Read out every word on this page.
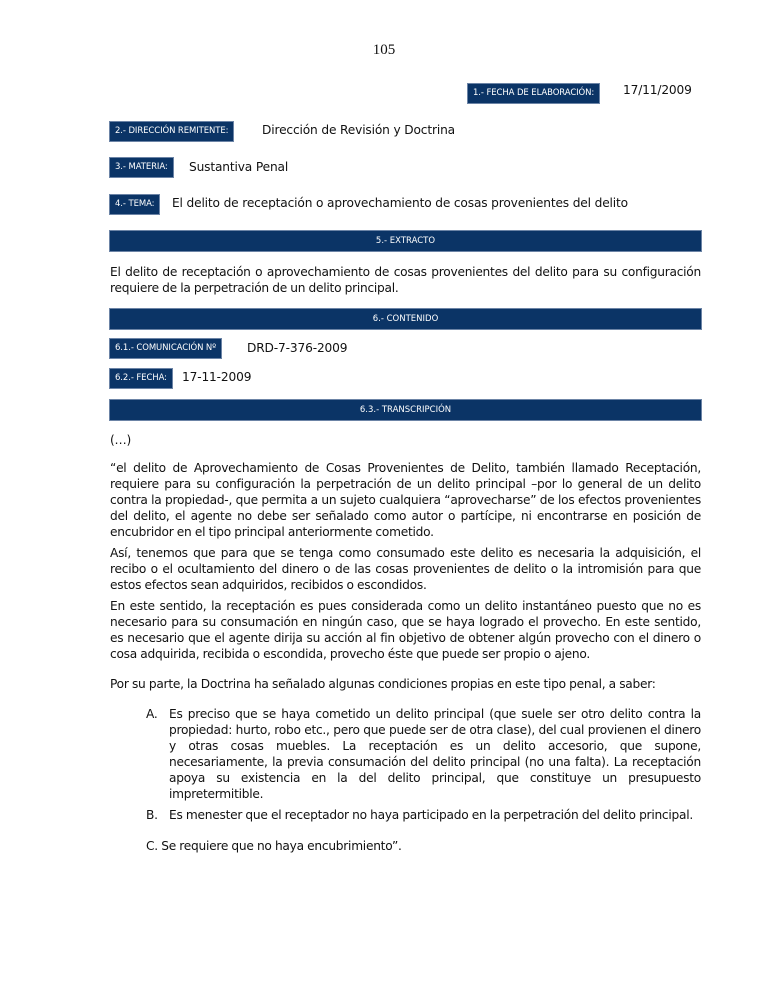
105
1.- FECHA DE ELABORACIÓN:	17/11/2009
2.- DIRECCIÓN REMITENTE:	Dirección de Revisión y Doctrina
3.- MATERIA:	Sustantiva Penal
4.- TEMA:	El delito de receptación o aprovechamiento de cosas provenientes del delito
5.- EXTRACTO

El delito de receptación o aprovechamiento de cosas provenientes del delito para su configuración requiere de la perpetración de un delito principal.

6.- CONTENIDO
6.1.- COMUNICACIÓN Nº	DRD-7-376-2009
6.2.- FECHA:	17-11-2009
6.3.- TRANSCRIPCIÓN

(…)

“el delito de Aprovechamiento de Cosas Provenientes de Delito, también llamado Receptación, requiere para su configuración la perpetración de un delito principal –por lo general de un delito contra la propiedad-, que permita a un sujeto cualquiera “aprovecharse” de los efectos provenientes del delito, el agente no debe ser señalado como autor o partícipe, ni encontrarse en posición de encubridor en el tipo principal anteriormente cometido.

Así, tenemos que para que se tenga como consumado este delito es necesaria la adquisición, el recibo o el ocultamiento del dinero o de las cosas provenientes de delito o la intromisión para que estos efectos sean adquiridos, recibidos o escondidos.

En este sentido, la receptación es pues considerada como un delito instantáneo puesto que no es necesario para su consumación en ningún caso, que se haya logrado el provecho. En este sentido, es necesario que el agente dirija su acción al fin objetivo de obtener algún provecho con el dinero o cosa adquirida, recibida o escondida, provecho éste que puede ser propio o ajeno.

Por su parte, la Doctrina ha señalado algunas condiciones propias en este tipo penal, a saber:

A. Es preciso que se haya cometido un delito principal (que suele ser otro delito contra la propiedad: hurto, robo etc., pero que puede ser de otra clase), del cual provienen el dinero y otras cosas muebles. La receptación es un delito accesorio, que supone, necesariamente, la previa consumación del delito principal (no una falta). La receptación apoya su existencia en la del delito principal, que constituye un presupuesto impretermitible.
B. Es menester que el receptador no haya participado en la perpetración del delito principal.
C. Se requiere que no haya encubrimiento”.
